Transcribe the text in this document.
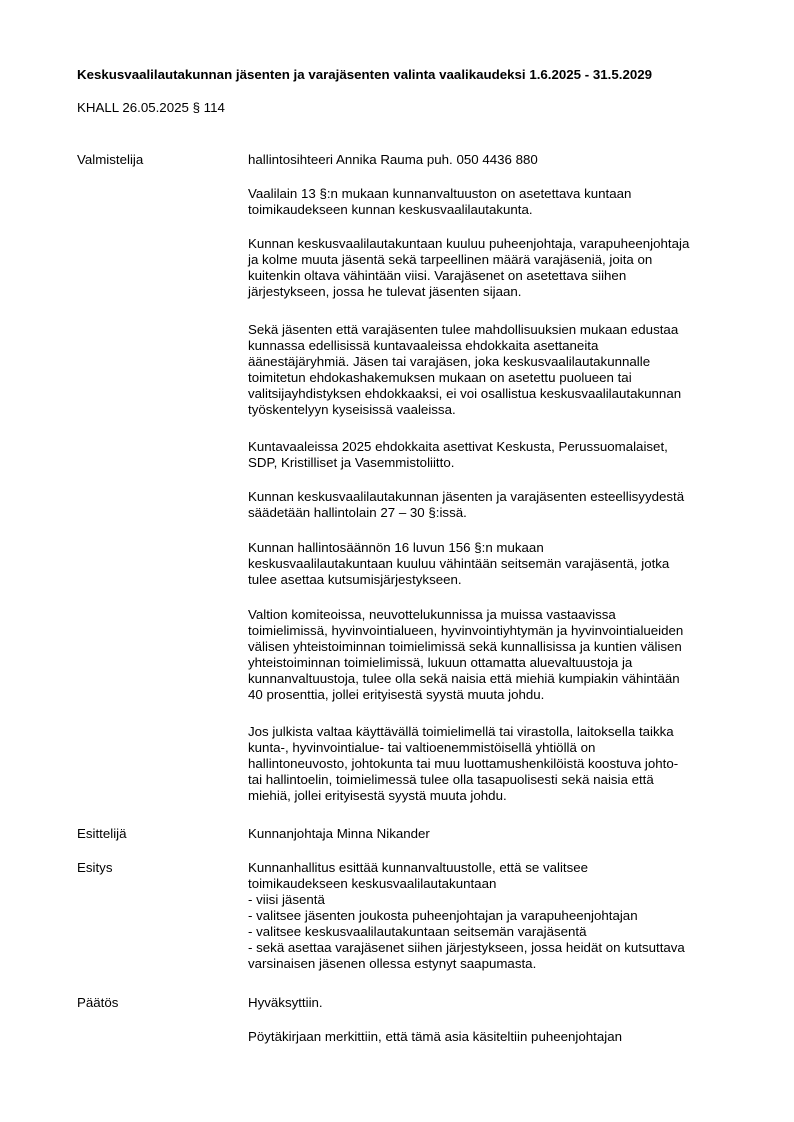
Keskusvaalilautakunnan jäsenten ja varajäsenten valinta vaalikaudeksi 1.6.2025 - 31.5.2029
KHALL 26.05.2025 § 114
Valmistelija	hallintosihteeri Annika Rauma puh. 050 4436 880
Vaalilain 13 §:n mukaan kunnanvaltuuston on asetettava kuntaan
toimikaudekseen kunnan keskusvaalilautakunta.
Kunnan keskusvaalilautakuntaan kuuluu puheenjohtaja, varapuheenjohtaja
ja kolme muuta jäsentä sekä tarpeellinen määrä varajäseniä, joita on
kuitenkin oltava vähintään viisi. Varajäsenet on asetettava siihen
järjestykseen, jossa he tulevat jäsenten sijaan.
Sekä jäsenten että varajäsenten tulee mahdollisuuksien mukaan edustaa
kunnassa edellisissä kuntavaaleissa ehdokkaita asettaneita
äänestäjäryhmiä. Jäsen tai varajäsen, joka keskusvaalilautakunnalle
toimitetun ehdokashakemuksen mukaan on asetettu puolueen tai
valitsijayhdistyksen ehdokkaaksi, ei voi osallistua keskusvaalilautakunnan
työskentelyyn kyseisissä vaaleissa.
Kuntavaaleissa 2025 ehdokkaita asettivat Keskusta, Perussuomalaiset,
SDP, Kristilliset ja Vasemmistoliitto.
Kunnan keskusvaalilautakunnan jäsenten ja varajäsenten esteellisyydestä
säädetään hallintolain 27 – 30 §:issä.
Kunnan hallintosäännön 16 luvun 156 §:n mukaan
keskusvaalilautakuntaan kuuluu vähintään seitsemän varajäsentä, jotka
tulee asettaa kutsumisjärjestykseen.
Valtion komiteoissa, neuvottelukunnissa ja muissa vastaavissa
toimielimissä, hyvinvointialueen, hyvinvointiyhtymän ja hyvinvointialueiden
välisen yhteistoiminnan toimielimissä sekä kunnallisissa ja kuntien välisen
yhteistoiminnan toimielimissä, lukuun ottamatta aluevaltuustoja ja
kunnanvaltuustoja, tulee olla sekä naisia että miehiä kumpiakin vähintään
40 prosenttia, jollei erityisestä syystä muuta johdu.
Jos julkista valtaa käyttävällä toimielimellä tai virastolla, laitoksella taikka
kunta-, hyvinvointialue- tai valtioenemmistöisellä yhtiöllä on
hallintoneuvosto, johtokunta tai muu luottamushenkilöistä koostuva johto-
tai hallintoelin, toimielimessä tulee olla tasapuolisesti sekä naisia että
miehiä, jollei erityisestä syystä muuta johdu.
Esittelijä	Kunnanjohtaja Minna Nikander
Esitys	Kunnanhallitus esittää kunnanvaltuustolle, että se valitsee
toimikaudekseen keskusvaalilautakuntaan
- viisi jäsentä
- valitsee jäsenten joukosta puheenjohtajan ja varapuheenjohtajan
- valitsee keskusvaalilautakuntaan seitsemän varajäsentä
- sekä asettaa varajäsenet siihen järjestykseen, jossa heidät on kutsuttava
varsinaisen jäsenen ollessa estynyt saapumasta.
Päätös	Hyväksyttiin.
Pöytäkirjaan merkittiin, että tämä asia käsiteltiin puheenjohtajan
